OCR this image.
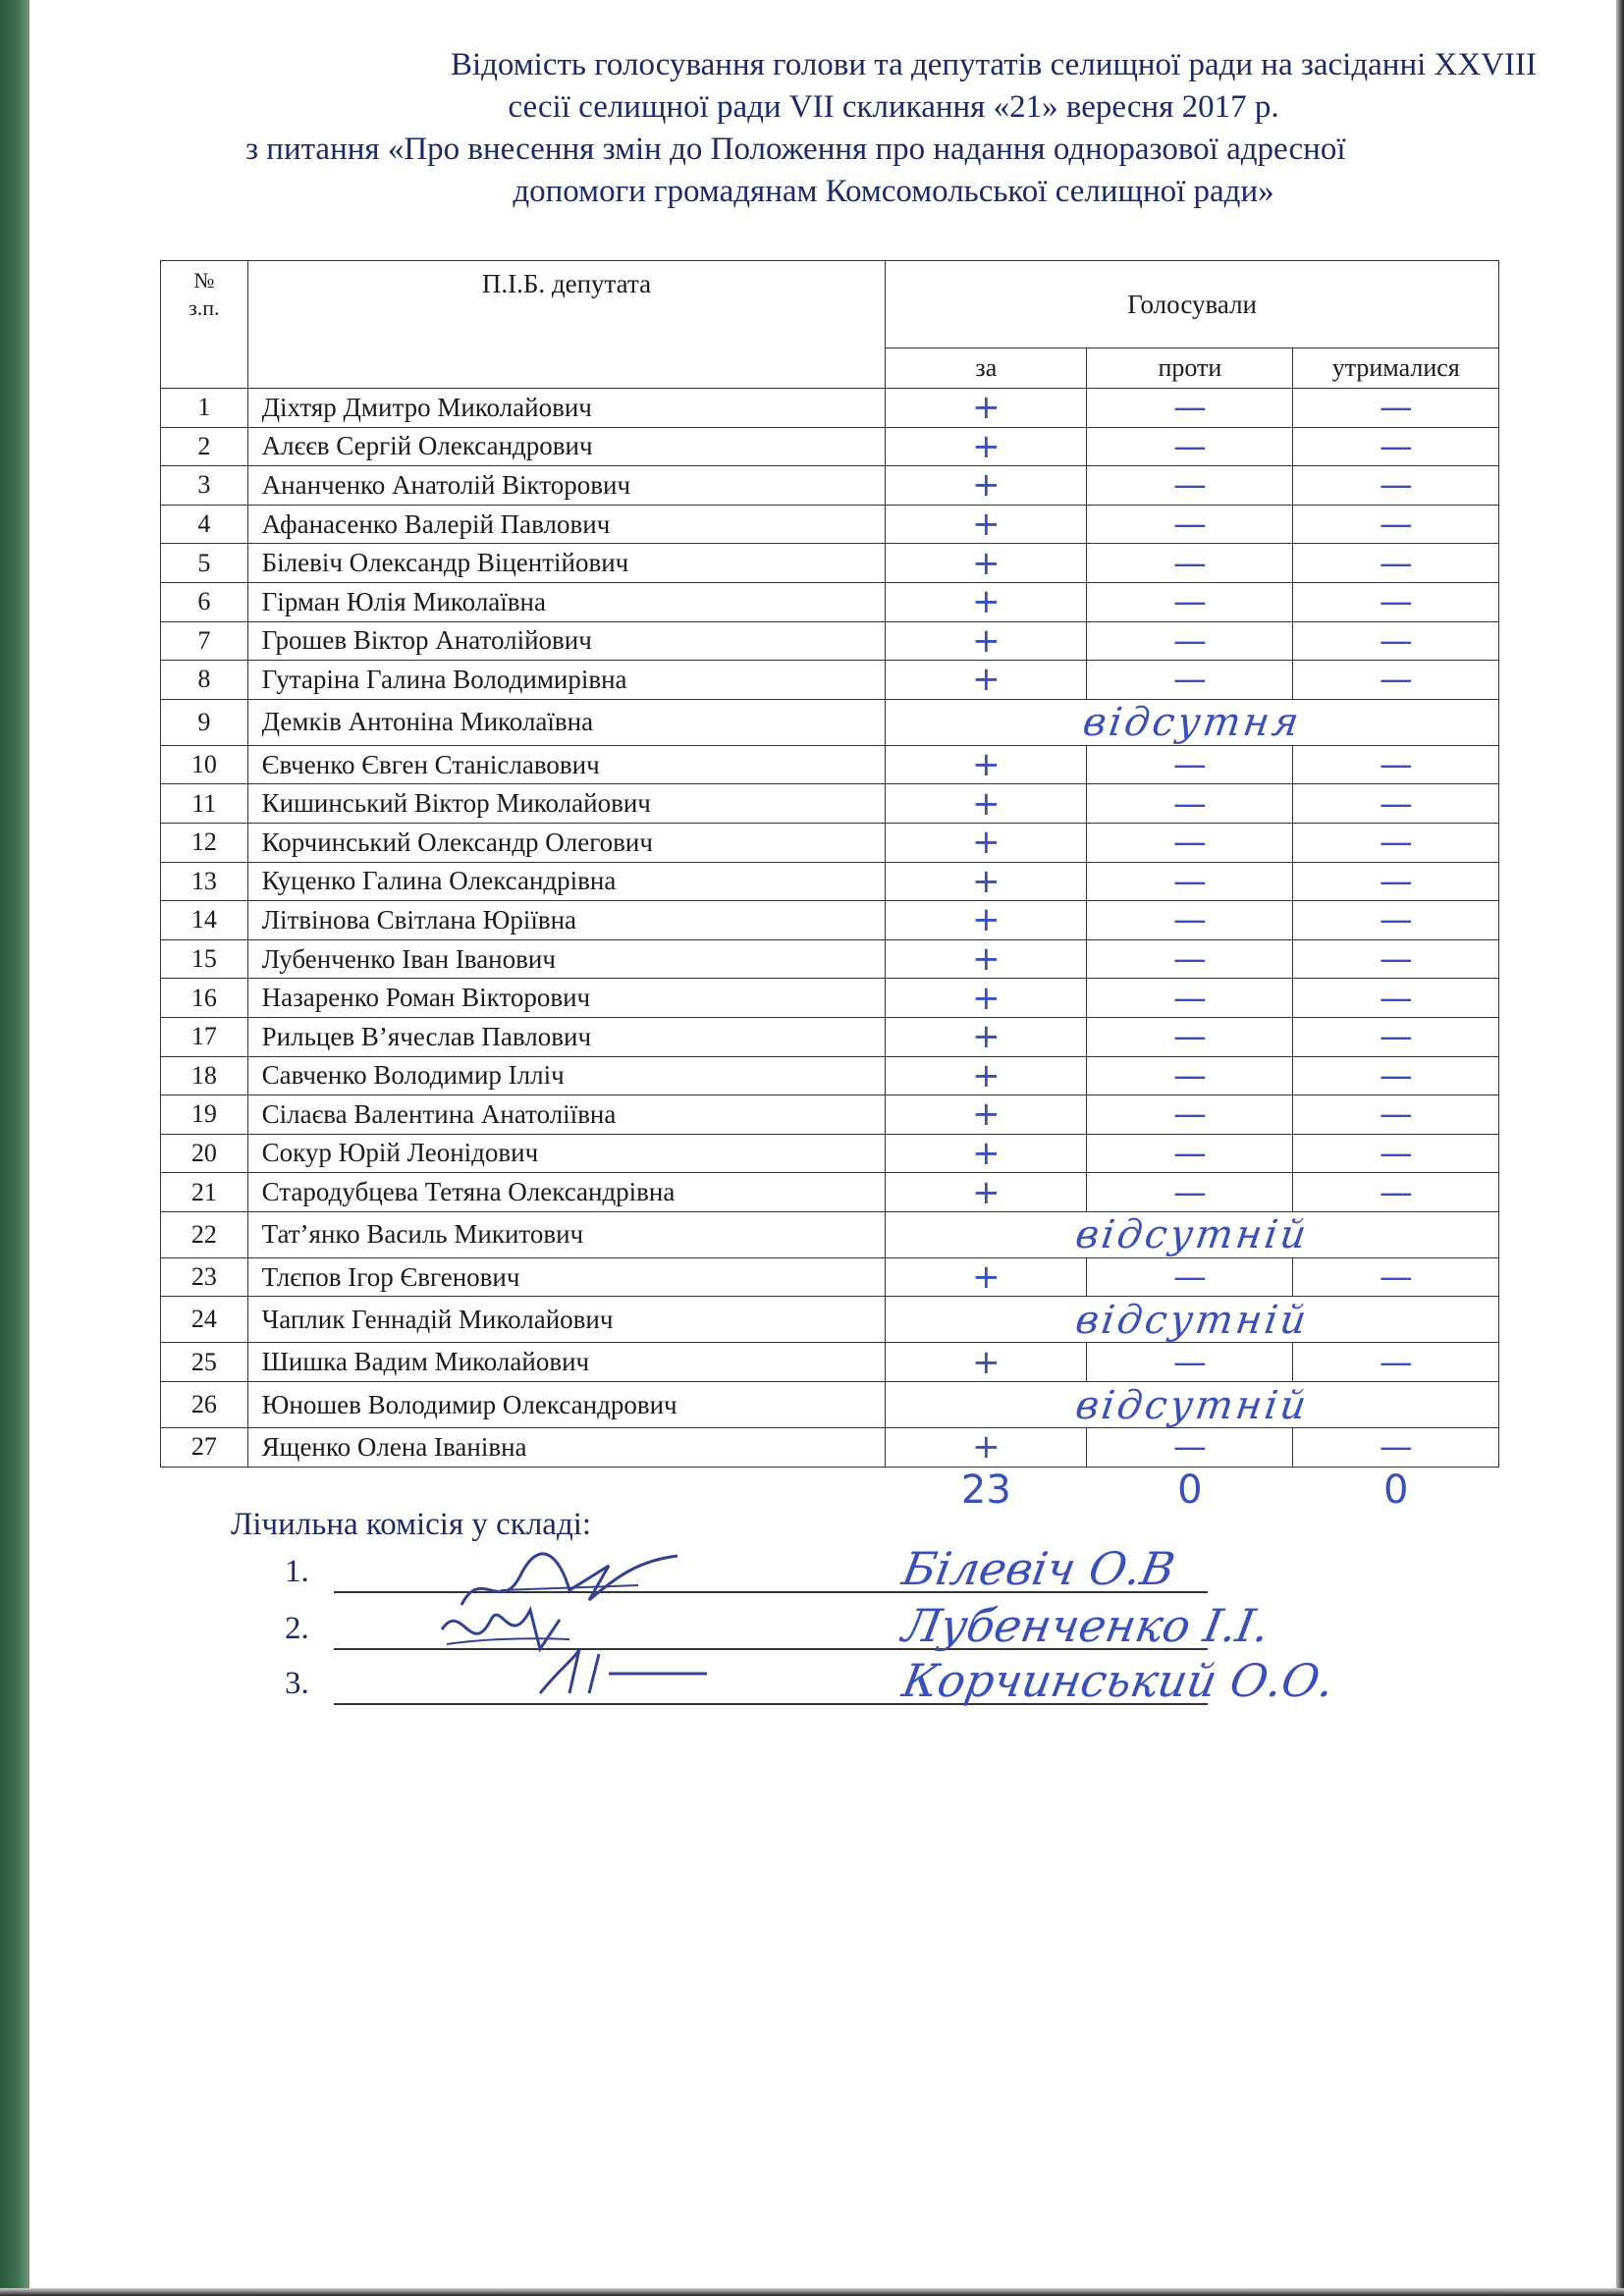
Відомість голосування голови та депутатів селищної ради на засіданні XXVIII
сесії селищної ради VII скликання «21» вересня 2017 р.
з питання «Про внесення змін до Положення про надання одноразової адресної
допомоги громадянам Комсомольської селищної ради»
№
з.п.	П.І.Б. депутата	Голосували		
		за	проти	утрималися
1	Діхтяр Дмитро Миколайович	+	—	—
2	Алєєв Сергій Олександрович	+	—	—
3	Ананченко Анатолій Вікторович	+	—	—
4	Афанасенко Валерій Павлович	+	—	—
5	Білевіч Олександр Віцентійович	+	—	—
6	Гірман Юлія Миколаївна	+	—	—
7	Грошев Віктор Анатолійович	+	—	—
8	Гутаріна Галина Володимирівна	+	—	—
9	Демків Антоніна Миколаївна	відсутня		
10	Євченко Євген Станіславович	+	—	—
11	Кишинський Віктор Миколайович	+	—	—
12	Корчинський Олександр Олегович	+	—	—
13	Куценко Галина Олександрівна	+	—	—
14	Літвінова Світлана Юріївна	+	—	—
15	Лубенченко Іван Іванович	+	—	—
16	Назаренко Роман Вікторович	+	—	—
17	Рильцев В’ячеслав Павлович	+	—	—
18	Савченко Володимир Ілліч	+	—	—
19	Сілаєва Валентина Анатоліївна	+	—	—
20	Сокур Юрій Леонідович	+	—	—
21	Стародубцева Тетяна Олександрівна	+	—	—
22	Тат’янко Василь Микитович	відсутній		
23	Тлєпов Ігор Євгенович	+	—	—
24	Чаплик Геннадій Миколайович	відсутній		
25	Шишка Вадим Миколайович	+	—	—
26	Юношев Володимир Олександрович	відсутній		
27	Ященко Олена Іванівна	+	—	—
		23	0	0
Лічильна комісія у складі:
1.	Білевіч О.В
2.	Лубенченко І.І.
3.	Корчинський О.О.
